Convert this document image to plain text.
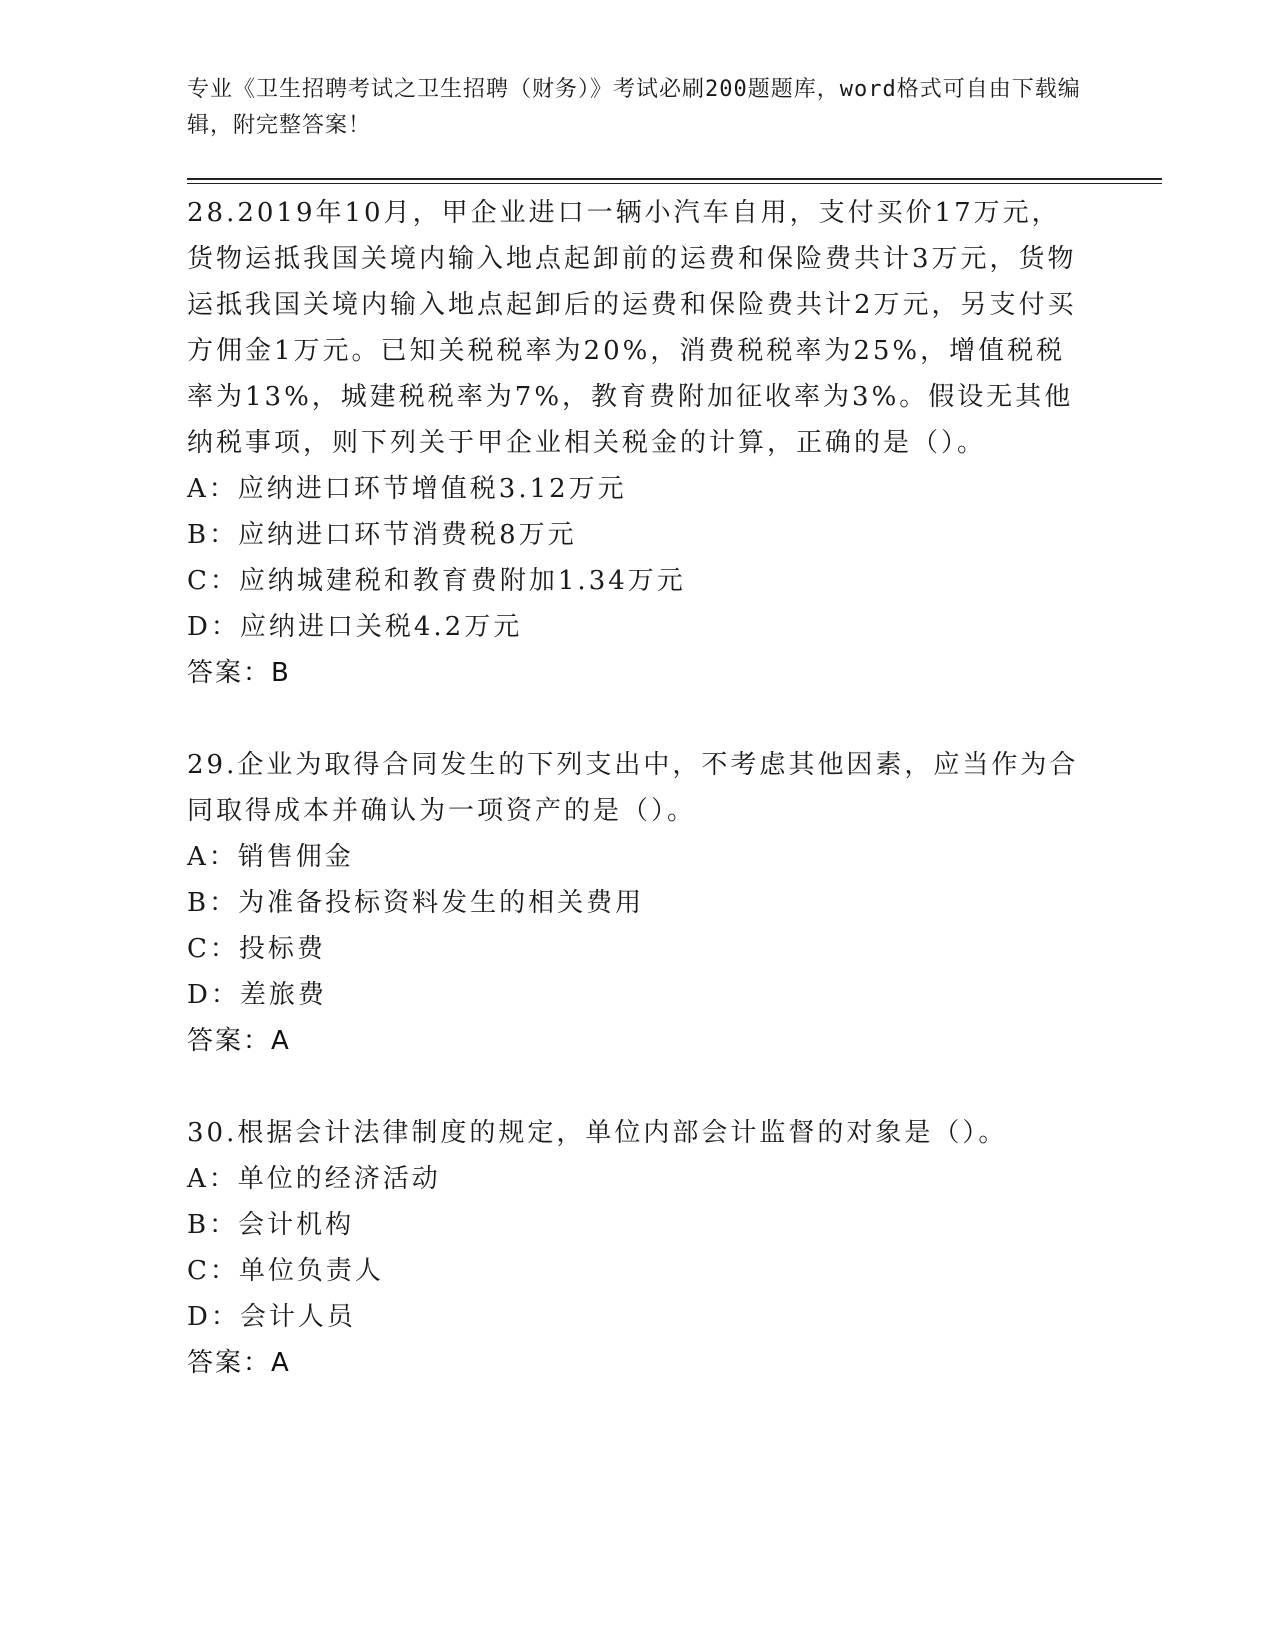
专业《卫生招聘考试之卫生招聘（财务）》考试必刷200题题库，word格式可自由下载编辑，附完整答案！

28.2019年10月，甲企业进口一辆小汽车自用，支付买价17万元，货物运抵我国关境内输入地点起卸前的运费和保险费共计3万元，货物运抵我国关境内输入地点起卸后的运费和保险费共计2万元，另支付买方佣金1万元。已知关税税率为20%，消费税税率为25%，增值税税率为13%，城建税税率为7%，教育费附加征收率为3%。假设无其他纳税事项，则下列关于甲企业相关税金的计算，正确的是（）。

A：应纳进口环节增值税3.12万元

B：应纳进口环节消费税8万元

C：应纳城建税和教育费附加1.34万元

D：应纳进口关税4.2万元

答案：B

29.企业为取得合同发生的下列支出中，不考虑其他因素，应当作为合同取得成本并确认为一项资产的是（）。

A：销售佣金

B：为准备投标资料发生的相关费用

C：投标费

D：差旅费

答案：A

30.根据会计法律制度的规定，单位内部会计监督的对象是（）。

A：单位的经济活动

B：会计机构

C：单位负责人

D：会计人员

答案：A
